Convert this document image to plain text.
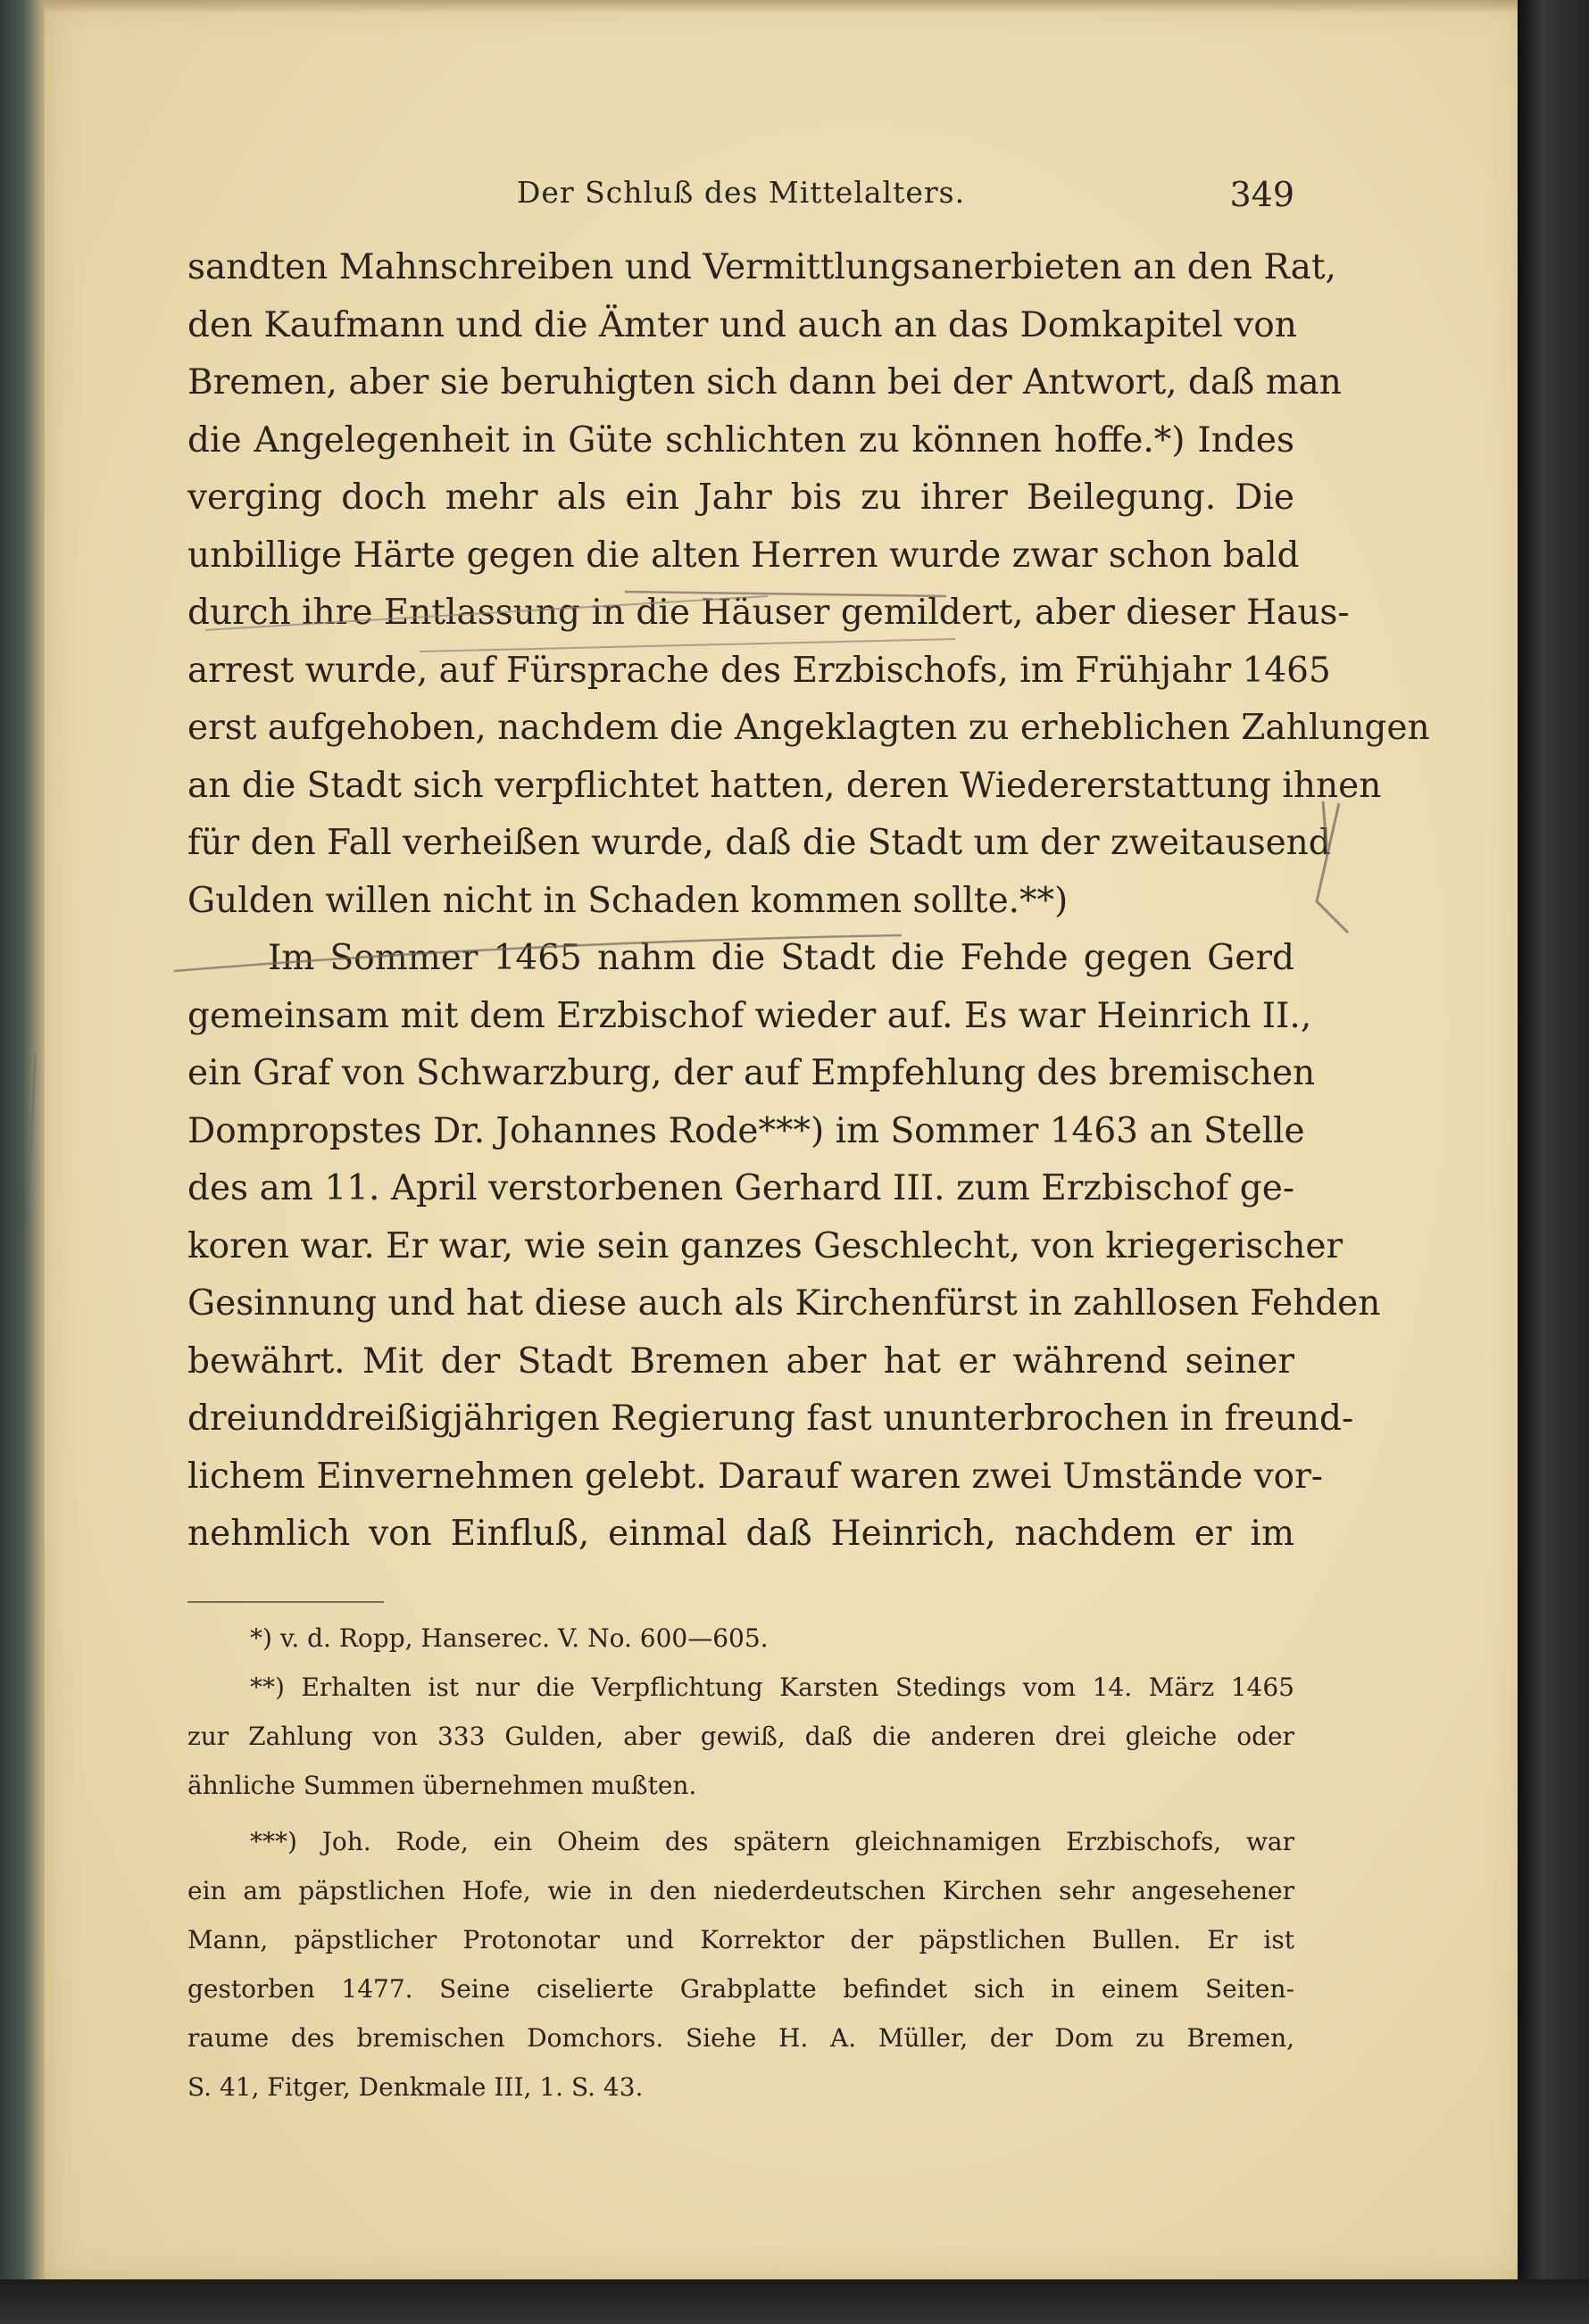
Der Schluß des Mittelalters.	349
sandten Mahnschreiben und Vermittlungsanerbieten an den Rat,
den Kaufmann und die Ämter und auch an das Domkapitel von
Bremen, aber sie beruhigten sich dann bei der Antwort, daß man
die Angelegenheit in Güte schlichten zu können hoffe.*) Indes
verging doch mehr als ein Jahr bis zu ihrer Beilegung. Die
unbillige Härte gegen die alten Herren wurde zwar schon bald
durch ihre Entlassung in die Häuser gemildert, aber dieser Haus-
arrest wurde, auf Fürsprache des Erzbischofs, im Frühjahr 1465
erst aufgehoben, nachdem die Angeklagten zu erheblichen Zahlungen
an die Stadt sich verpflichtet hatten, deren Wiedererstattung ihnen
für den Fall verheißen wurde, daß die Stadt um der zweitausend
Gulden willen nicht in Schaden kommen sollte.**)
Im Sommer 1465 nahm die Stadt die Fehde gegen Gerd
gemeinsam mit dem Erzbischof wieder auf. Es war Heinrich II.,
ein Graf von Schwarzburg, der auf Empfehlung des bremischen
Dompropstes Dr. Johannes Rode***) im Sommer 1463 an Stelle
des am 11. April verstorbenen Gerhard III. zum Erzbischof ge-
koren war. Er war, wie sein ganzes Geschlecht, von kriegerischer
Gesinnung und hat diese auch als Kirchenfürst in zahllosen Fehden
bewährt. Mit der Stadt Bremen aber hat er während seiner
dreiunddreißigjährigen Regierung fast ununterbrochen in freund-
lichem Einvernehmen gelebt. Darauf waren zwei Umstände vor-
nehmlich von Einfluß, einmal daß Heinrich, nachdem er im
*) v. d. Ropp, Hanserec. V. No. 600—605.
**) Erhalten ist nur die Verpflichtung Karsten Stedings vom 14. März 1465
zur Zahlung von 333 Gulden, aber gewiß, daß die anderen drei gleiche oder
ähnliche Summen übernehmen mußten.
***) Joh. Rode, ein Oheim des spätern gleichnamigen Erzbischofs, war
ein am päpstlichen Hofe, wie in den niederdeutschen Kirchen sehr angesehener
Mann, päpstlicher Protonotar und Korrektor der päpstlichen Bullen. Er ist
gestorben 1477. Seine ciselierte Grabplatte befindet sich in einem Seiten-
raume des bremischen Domchors. Siehe H. A. Müller, der Dom zu Bremen,
S. 41, Fitger, Denkmale III, 1. S. 43.
